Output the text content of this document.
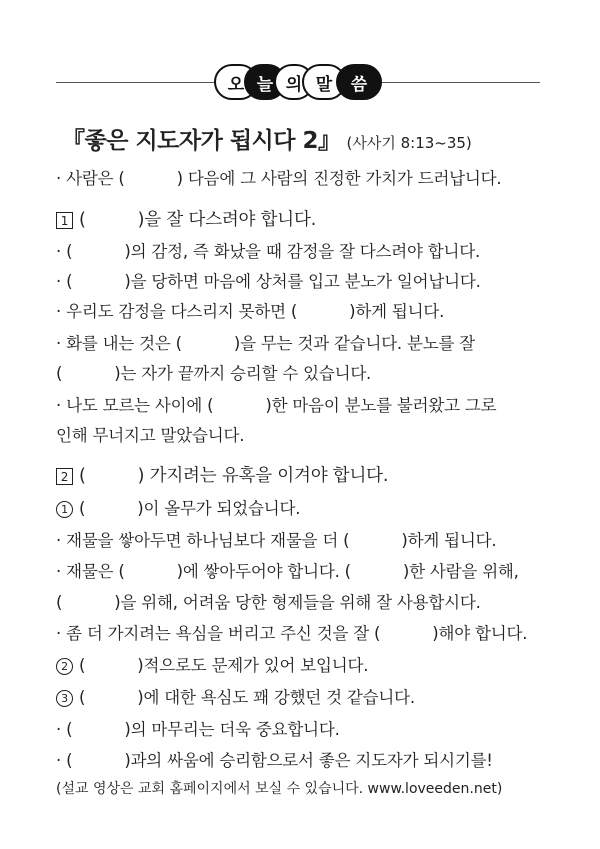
오 늘 의 말	씀
『좋은 지도자가 됩시다 2』 (사사기 8:13~35)
· 사람은 (	) 다음에 그 사람의 진정한 가치가 드러납니다.
1 (	)을 잘 다스려야 합니다.
· (	)의 감정, 즉 화났을 때 감정을 잘 다스려야 합니다.
· (	)을 당하면 마음에 상처를 입고 분노가 일어납니다.
· 우리도 감정을 다스리지 못하면 (	)하게 됩니다.
· 화를 내는 것은 (	)을 무는 것과 같습니다. 분노를 잘
(	)는 자가 끝까지 승리할 수 있습니다.
· 나도 모르는 사이에 (	)한 마음이 분노를 불러왔고 그로
인해 무너지고 말았습니다.
2 (	) 가지려는 유혹을 이겨야 합니다.
1 (	)이 올무가 되었습니다.
· 재물을 쌓아두면 하나님보다 재물을 더 (	)하게 됩니다.
· 재물은 (	)에 쌓아두어야 합니다. (	)한 사람을 위해,
(	)을 위해, 어려움 당한 형제들을 위해 잘 사용합시다.
· 좀 더 가지려는 욕심을 버리고 주신 것을 잘 (	)해야 합니다.
2 (	)적으로도 문제가 있어 보입니다.
3 (	)에 대한 욕심도 꽤 강했던 것 같습니다.
· (	)의 마무리는 더욱 중요합니다.
· (	)과의 싸움에 승리함으로서 좋은 지도자가 되시기를!
(설교 영상은 교회 홈페이지에서 보실 수 있습니다. www.loveeden.net)
